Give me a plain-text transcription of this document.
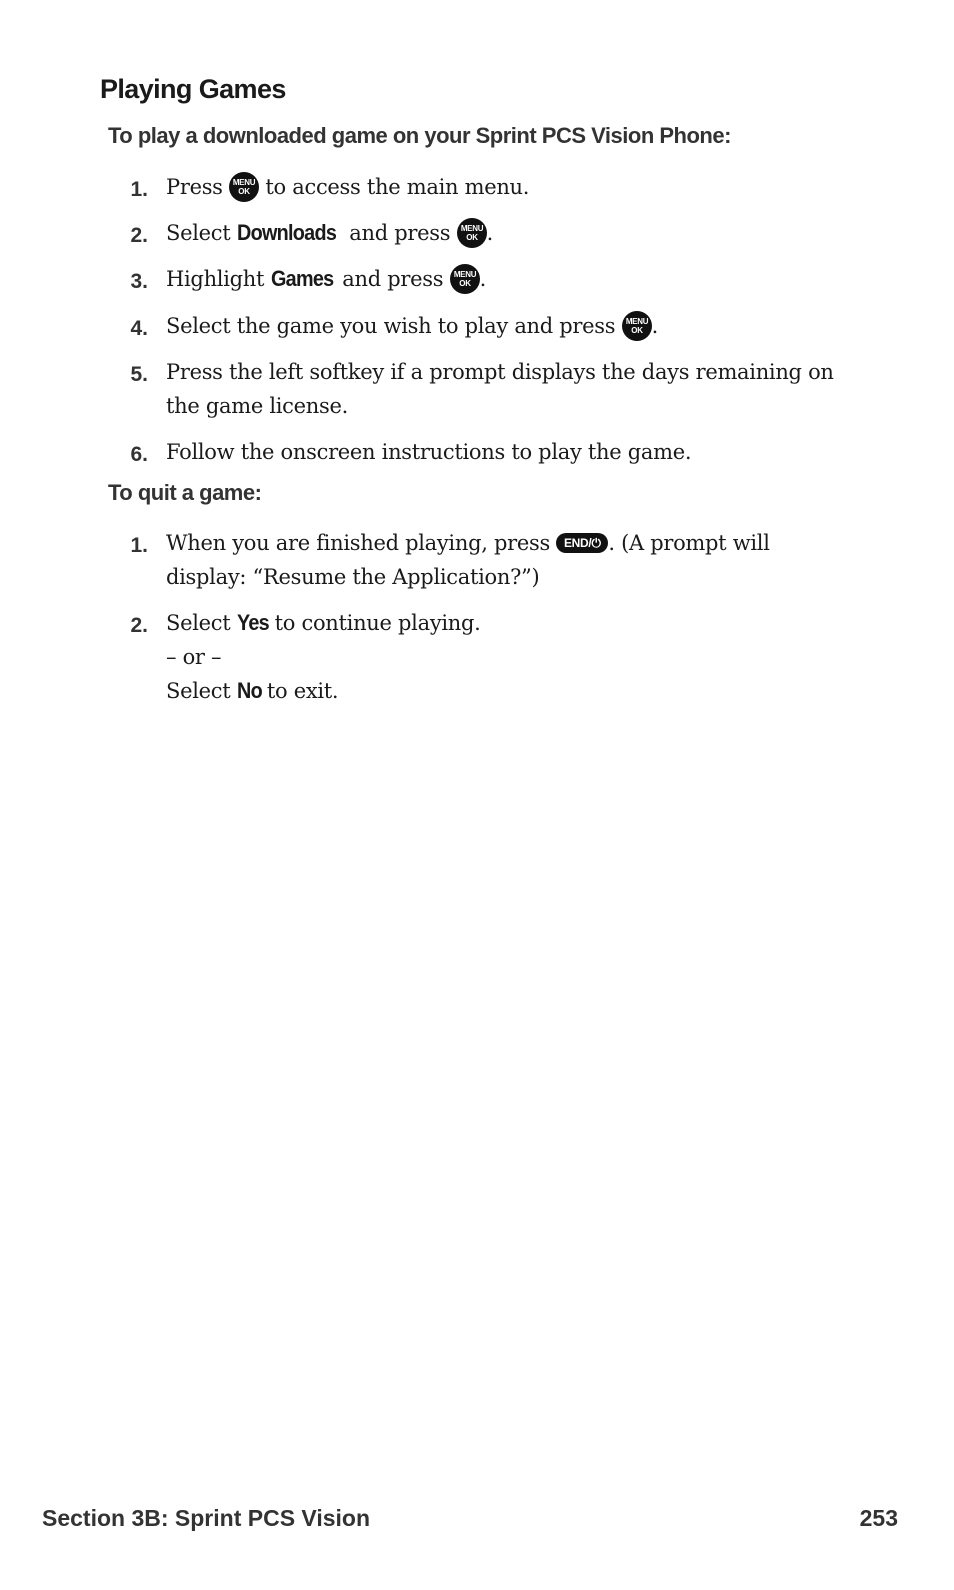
Playing Games
To play a downloaded game on your Sprint PCS Vision Phone:
1. Press MENU
OK to access the main menu.
2. Select Downloads and press MENU
OK .
3. Highlight Games and press MENU
OK .
4. Select the game you wish to play and press MENU
OK .
5. Press the left softkey if a prompt displays the days remaining on the game license.
6. Follow the onscreen instructions to play the game.
To quit a game:
1. When you are finished playing, press END/⏻ . (A prompt will display: “Resume the Application?”)
2. Select Yes to continue playing.
– or –
Select No to exit.
Section 3B: Sprint PCS Vision	253
